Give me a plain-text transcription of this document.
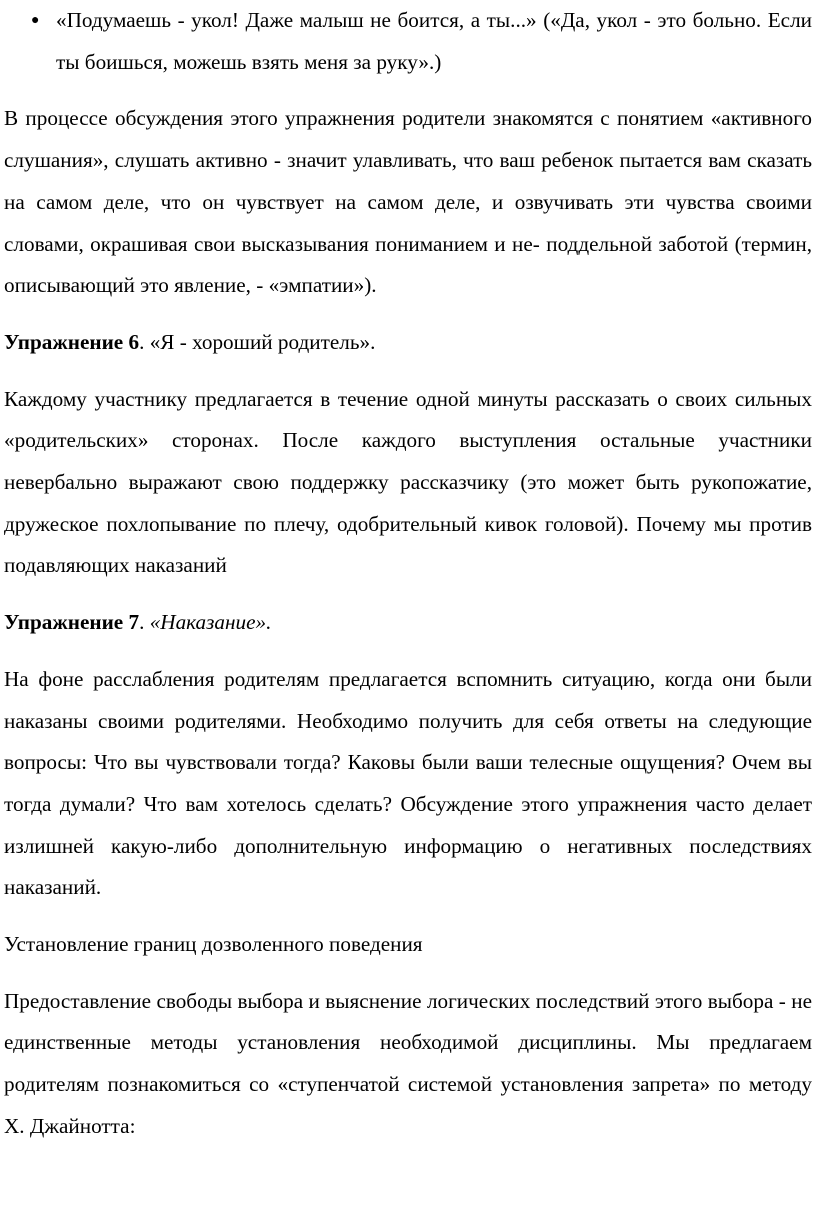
● «Подумаешь - укол! Даже малыш не боится, а ты...» («Да, укол - это больно. Если ты боишься, можешь взять меня за руку».)

В процессе обсуждения этого упражнения родители знакомятся с понятием «активного слушания», слушать активно - значит улавливать, что ваш ребенок пытается вам сказать на самом деле, что он чувствует на самом деле, и озвучивать эти чувства своими словами, окрашивая свои высказывания пониманием и не- поддельной заботой (термин, описывающий это явление, - «эмпатии»).

Упражнение 6. «Я - хороший родитель».

Каждому участнику предлагается в течение одной минуты рассказать о своих сильных «родительских» сторонах. После каждого выступления остальные участники невербально выражают свою поддержку рассказчику (это может быть рукопожатие, дружеское похлопывание по плечу, одобрительный кивок головой). Почему мы против подавляющих наказаний

Упражнение 7. «Наказание».

На фоне расслабления родителям предлагается вспомнить ситуацию, когда они были наказаны своими родителями. Необходимо получить для себя ответы на следующие вопросы: Что вы чувствовали тогда? Каковы были ваши телесные ощущения? Очем вы тогда думали? Что вам хотелось сделать? Обсуждение этого упражнения часто делает излишней какую-либо дополнительную информацию о негативных последствиях наказаний.

Установление границ дозволенного поведения

Предоставление свободы выбора и выяснение логических последствий этого выбора - не единственные методы установления необходимой дисциплины. Мы предлагаем родителям познакомиться со «ступенчатой системой установления запрета» по методу Х. Джайнотта:
